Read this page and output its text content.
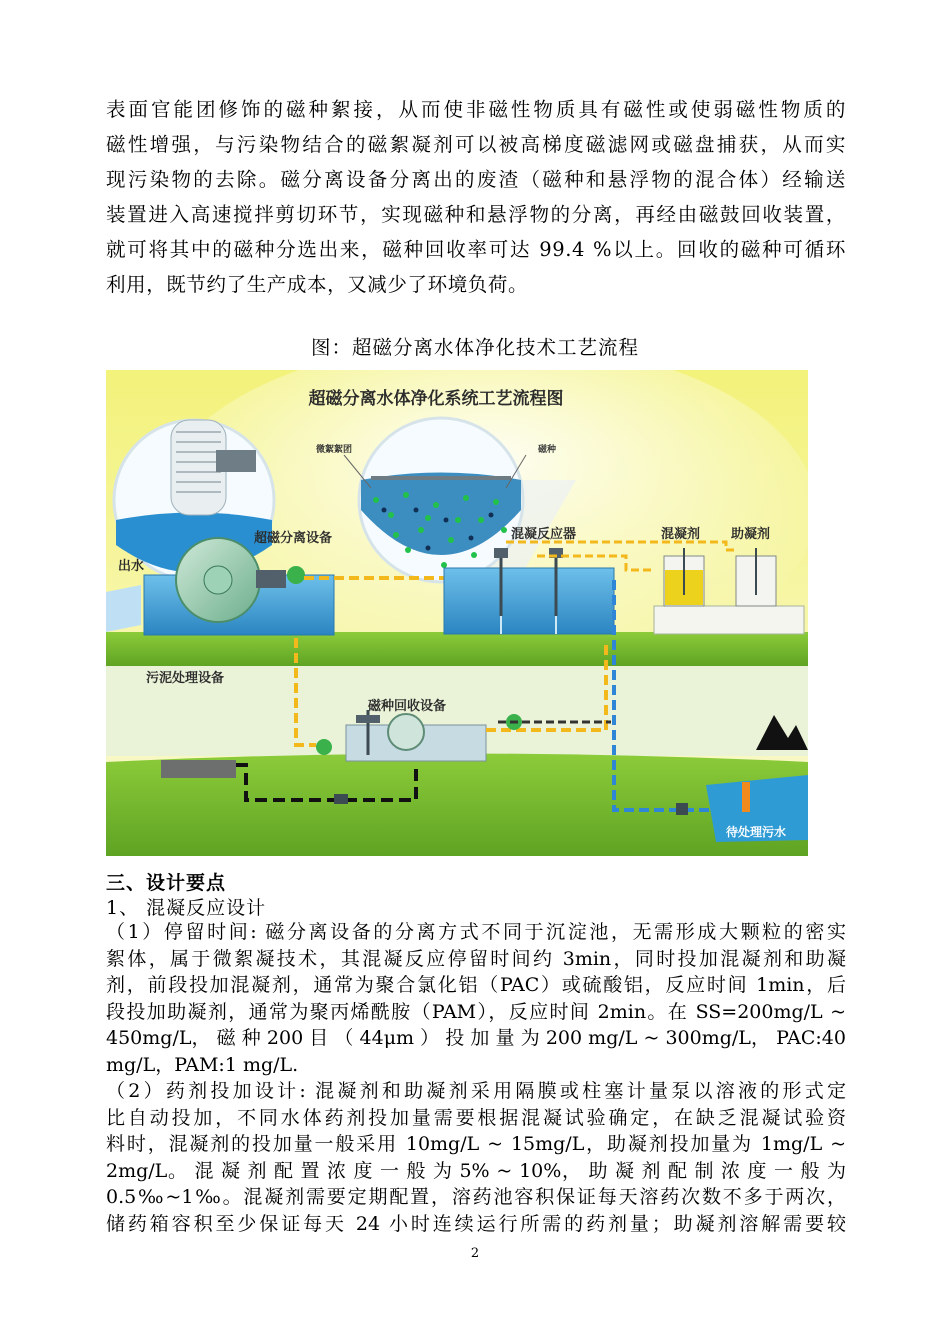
表面官能团修饰的磁种絮接，从而使非磁性物质具有磁性或使弱磁性物质的
磁性增强，与污染物结合的磁絮凝剂可以被高梯度磁滤网或磁盘捕获，从而实
现污染物的去除。磁分离设备分离出的废渣（磁种和悬浮物的混合体）经输送
装置进入高速搅拌剪切环节，实现磁种和悬浮物的分离，再经由磁鼓回收装置，
就可将其中的磁种分选出来，磁种回收率可达 99.4 %以上。回收的磁种可循环
利用，既节约了生产成本，又减少了环境负荷。
图：超磁分离水体净化技术工艺流程
超磁分离水体净化系统工艺流程图
微絮絮团	磁种
出水
超磁分离设备	混凝反应器	混凝剂 助凝剂
污泥处理设备
磁种回收设备
待处理污水
三、设计要点
1、 混凝反应设计
（1）停留时间: 磁分离设备的分离方式不同于沉淀池，无需形成大颗粒的密实
絮体，属于微絮凝技术，其混凝反应停留时间约 3min，同时投加混凝剂和助凝
剂，前段投加混凝剂，通常为聚合氯化铝（PAC）或硫酸铝，反应时间 1min，后
段投加助凝剂，通常为聚丙烯酰胺（PAM），反应时间 2min。在 SS=200mg/L ~
450mg/L， 磁 种 200 目 （ 44μm ） 投 加 量 为 200 mg/L ~ 300mg/L， PAC:40
mg/L，PAM:1 mg/L.
（2）药剂投加设计: 混凝剂和助凝剂采用隔膜或柱塞计量泵以溶液的形式定
比自动投加，不同水体药剂投加量需要根据混凝试验确定，在缺乏混凝试验资
料时，混凝剂的投加量一般采用 10mg/L ~ 15mg/L，助凝剂投加量为 1mg/L ~
2mg/L。 混 凝 剂 配 置 浓 度 一 般 为 5% ~ 10%， 助 凝 剂 配 制 浓 度 一 般 为
0.5‰~1‰。混凝剂需要定期配置，溶药池容积保证每天溶药次数不多于两次，
储药箱容积至少保证每天 24 小时连续运行所需的药剂量；助凝剂溶解需要较
2
